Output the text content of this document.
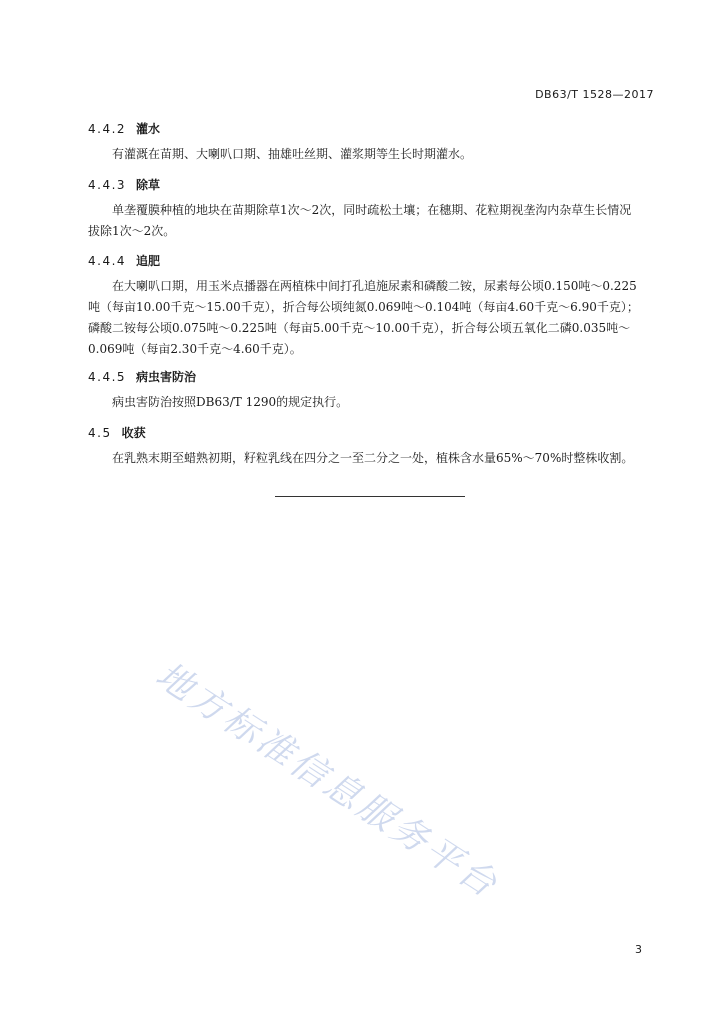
DB63/T 1528—2017
4.4.2 灌水
有灌溉在苗期、大喇叭口期、抽雄吐丝期、灌浆期等生长时期灌水。
4.4.3 除草
单垄覆膜种植的地块在苗期除草1次～2次，同时疏松土壤；在穗期、花粒期视垄沟内杂草生长情况
拔除1次～2次。
4.4.4 追肥
在大喇叭口期，用玉米点播器在两植株中间打孔追施尿素和磷酸二铵，尿素每公顷0.150吨～0.225
吨（每亩10.00千克～15.00千克），折合每公顷纯氮0.069吨～0.104吨（每亩4.60千克～6.90千克）；
磷酸二铵每公顷0.075吨～0.225吨（每亩5.00千克～10.00千克），折合每公顷五氧化二磷0.035吨～
0.069吨（每亩2.30千克～4.60千克）。
4.4.5 病虫害防治
病虫害防治按照DB63/T 1290的规定执行。
4.5 收获
在乳熟末期至蜡熟初期，籽粒乳线在四分之一至二分之一处，植株含水量65%～70%时整株收割。
地方标准信息服务平台
3
